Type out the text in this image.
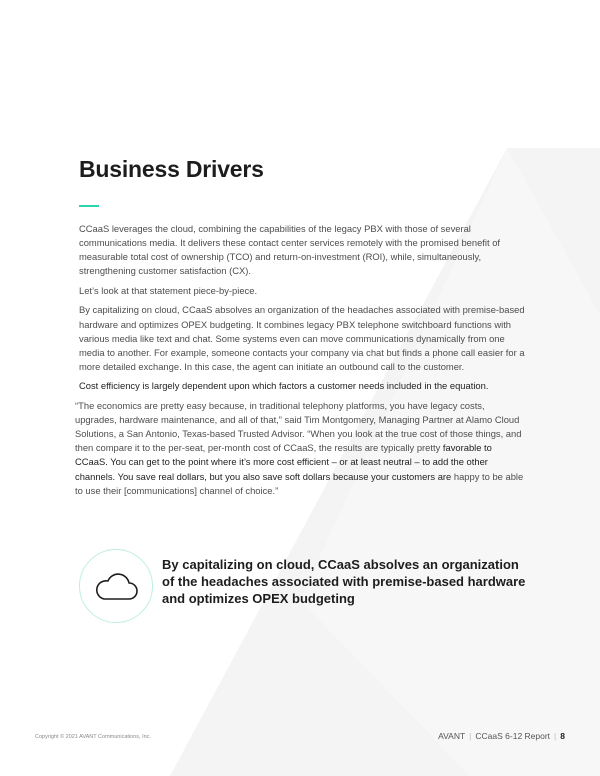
Business Drivers

CCaaS leverages the cloud, combining the capabilities of the legacy PBX with those of several communications media. It delivers these contact center services remotely with the promised benefit of measurable total cost of ownership (TCO) and return-on-investment (ROI), while, simultaneously, strengthening customer satisfaction (CX).

Let’s look at that statement piece-by-piece.

By capitalizing on cloud, CCaaS absolves an organization of the headaches associated with premise-based hardware and optimizes OPEX budgeting. It combines legacy PBX telephone switchboard functions with various media like text and chat. Some systems even can move communications dynamically from one media to another. For example, someone contacts your company via chat but finds a phone call easier for a more detailed exchange. In this case, the agent can initiate an outbound call to the customer.

Cost efficiency is largely dependent upon which factors a customer needs included in the equation.

“The economics are pretty easy because, in traditional telephony platforms, you have legacy costs, upgrades, hardware maintenance, and all of that,” said Tim Montgomery, Managing Partner at Alamo Cloud Solutions, a San Antonio, Texas-based Trusted Advisor. “When you look at the true cost of those things, and then compare it to the per-seat, per-month cost of CCaaS, the results are typically pretty favorable to CCaaS. You can get to the point where it’s more cost efficient – or at least neutral – to add the other channels. You save real dollars, but you also save soft dollars because your customers are happy to be able to use their [communications] channel of choice.”

By capitalizing on cloud, CCaaS absolves an organization of the headaches associated with premise-based hardware and optimizes OPEX budgeting

Copyright © 2021 AVANT Communications, Inc.	AVANT | CCaaS 6-12 Report | 8
